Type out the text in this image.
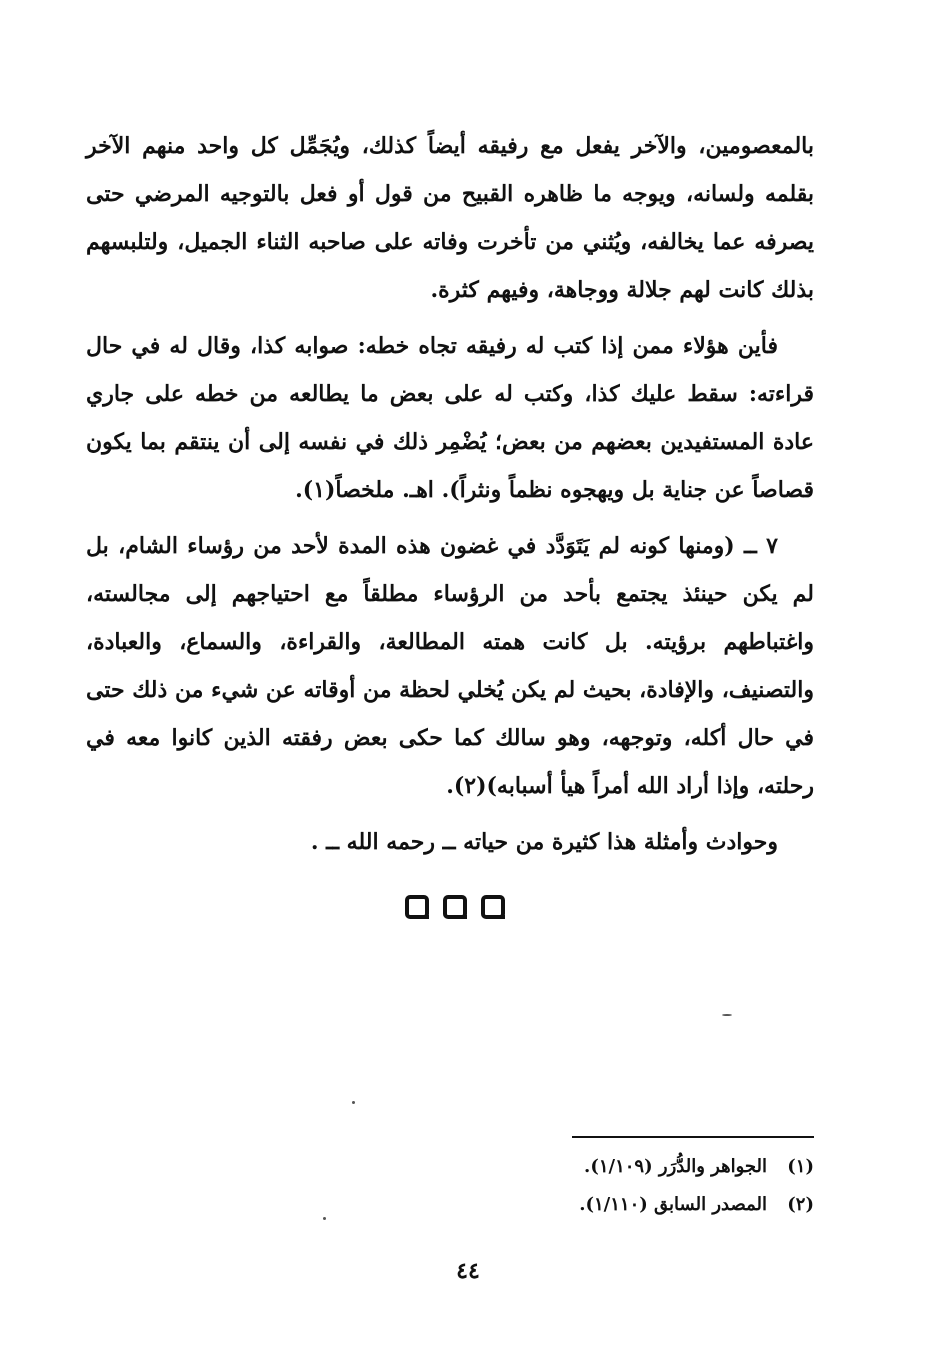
بالمعصومين، والآخر يفعل مع رفيقه أيضاً كذلك، ويُجَمِّل كل واحد منهم الآخر بقلمه ولسانه، ويوجه ما ظاهره القبيح من قول أو فعل بالتوجيه المرضي حتى يصرفه عما يخالفه، ويُثني من تأخرت وفاته على صاحبه الثناء الجميل، ولتلبسهم بذلك كانت لهم جلالة ووجاهة، وفيهم كثرة.

فأين هؤلاء ممن إذا كتب له رفيقه تجاه خطه: صوابه كذا، وقال له في حال قراءته: سقط عليك كذا، وكتب له على بعض ما يطالعه من خطه على جاري عادة المستفيدين بعضهم من بعض؛ يُضْمِر ذلك في نفسه إلى أن ينتقم بما يكون قصاصاً عن جناية بل ويهجوه نظماً ونثراً). اهـ. ملخصاً(١).

٧ ــ (ومنها كونه لم يَتَوَدَّد في غضون هذه المدة لأحد من رؤساء الشام، بل لم يكن حينئذ يجتمع بأحد من الرؤساء مطلقاً مع احتياجهم إلى مجالسته، واغتباطهم برؤيته. بل كانت همته المطالعة، والقراءة، والسماع، والعبادة، والتصنيف، والإفادة، بحيث لم يكن يُخلي لحظة من أوقاته عن شيء من ذلك حتى في حال أكله، وتوجهه، وهو سالك كما حكى بعض رفقته الذين كانوا معه في رحلته، وإذا أراد الله أمراً هيأ أسبابه)(٢).

وحوادث وأمثلة هذا كثيرة من حياته ــ رحمه الله ــ .

(١) الجواهر والدُّرَر (١/١٠٩).
(٢) المصدر السابق (١/١١٠).
٤٤
